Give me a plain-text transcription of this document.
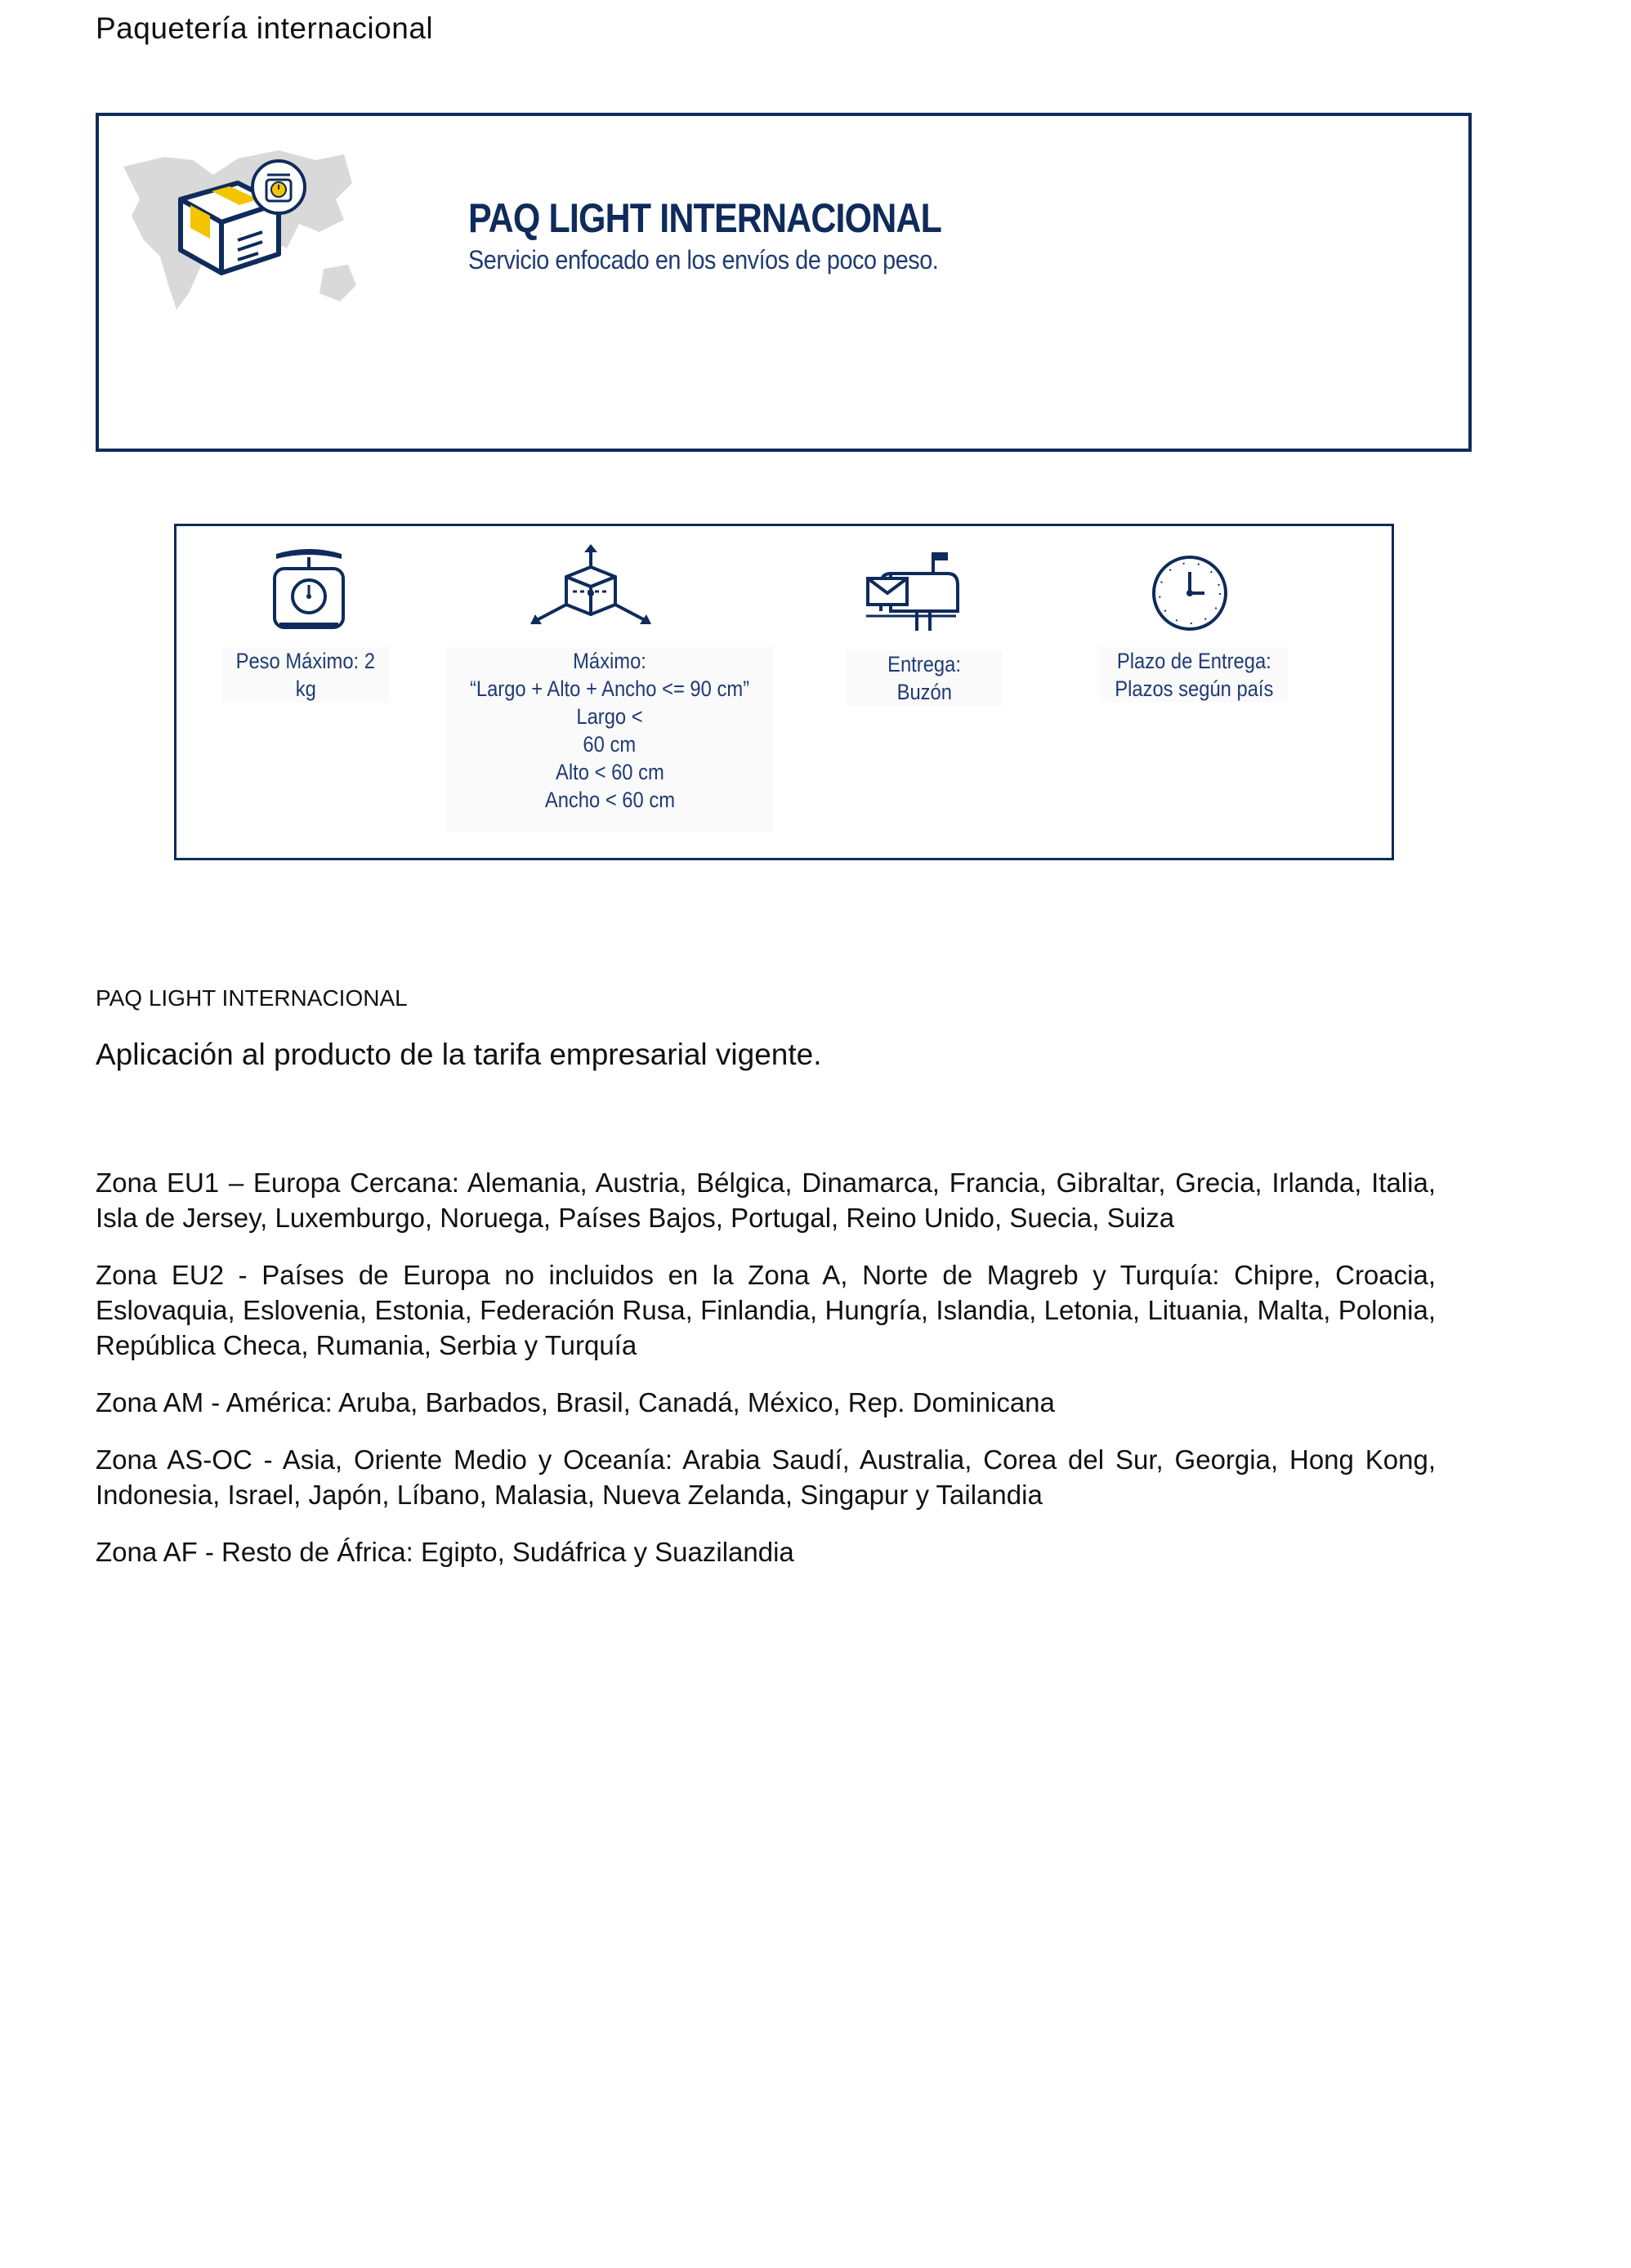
Paquetería internacional
PAQ LIGHT INTERNACIONAL
Servicio enfocado en los envíos de poco peso.
Peso Máximo: 2
kg
Máximo:
“Largo + Alto + Ancho <= 90 cm” Largo <
60 cm
Alto < 60 cm
Ancho < 60 cm
Entrega:
Buzón
Plazo de Entrega:
Plazos según país
PAQ LIGHT INTERNACIONAL
Aplicación al producto de la tarifa empresarial vigente.

Zona EU1 – Europa Cercana: Alemania, Austria, Bélgica, Dinamarca, Francia, Gibraltar, Grecia, Irlanda, Italia, Isla de Jersey, Luxemburgo, Noruega, Países Bajos, Portugal, Reino Unido, Suecia, Suiza

Zona EU2 - Países de Europa no incluidos en la Zona A, Norte de Magreb y Turquía: Chipre, Croacia, Eslovaquia, Eslovenia, Estonia, Federación Rusa, Finlandia, Hungría, Islandia, Letonia, Lituania, Malta, Polonia, República Checa, Rumania, Serbia y Turquía

Zona AM - América: Aruba, Barbados, Brasil, Canadá, México, Rep. Dominicana

Zona AS-OC - Asia, Oriente Medio y Oceanía: Arabia Saudí, Australia, Corea del Sur, Georgia, Hong Kong, Indonesia, Israel, Japón, Líbano, Malasia, Nueva Zelanda, Singapur y Tailandia

Zona AF - Resto de África: Egipto, Sudáfrica y Suazilandia
